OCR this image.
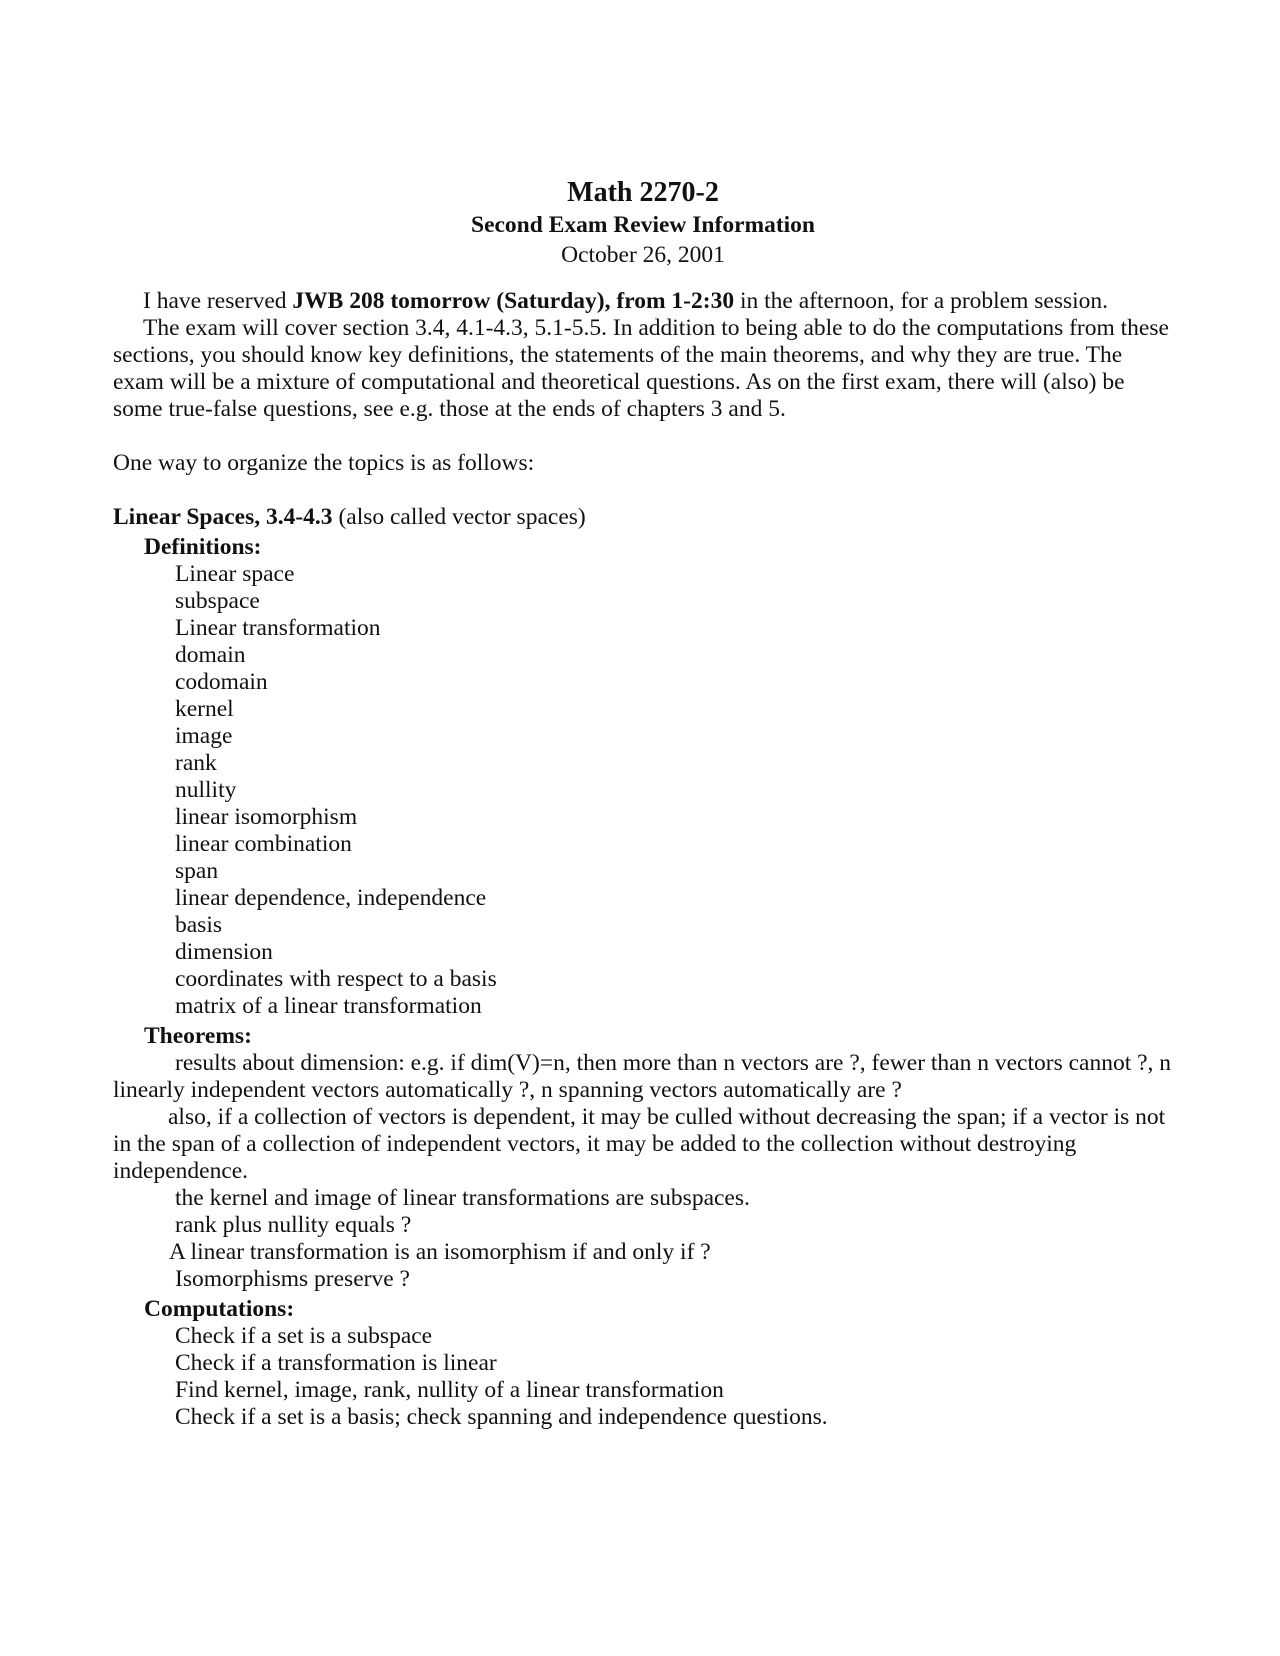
Math 2270-2
Second Exam Review Information
October 26, 2001
I have reserved JWB 208 tomorrow (Saturday), from 1-2:30 in the afternoon, for a problem session.
The exam will cover section 3.4, 4.1-4.3, 5.1-5.5. In addition to being able to do the computations from these sections, you should know key definitions, the statements of the main theorems, and why they are true. The exam will be a mixture of computational and theoretical questions. As on the first exam, there will (also) be some true-false questions, see e.g. those at the ends of chapters 3 and 5.
One way to organize the topics is as follows:
Linear Spaces, 3.4-4.3 (also called vector spaces)
Definitions:
Linear space
subspace
Linear transformation
domain
codomain
kernel
image
rank
nullity
linear isomorphism
linear combination
span
linear dependence, independence
basis
dimension
coordinates with respect to a basis
matrix of a linear transformation
Theorems:
results about dimension: e.g. if dim(V)=n, then more than n vectors are ?, fewer than n vectors cannot ?, n linearly independent vectors automatically ?, n spanning vectors automatically are ?
also, if a collection of vectors is dependent, it may be culled without decreasing the span; if a vector is not in the span of a collection of independent vectors, it may be added to the collection without destroying independence.
the kernel and image of linear transformations are subspaces.
rank plus nullity equals ?
A linear transformation is an isomorphism if and only if ?
Isomorphisms preserve ?
Computations:
Check if a set is a subspace
Check if a transformation is linear
Find kernel, image, rank, nullity of a linear transformation
Check if a set is a basis; check spanning and independence questions.
